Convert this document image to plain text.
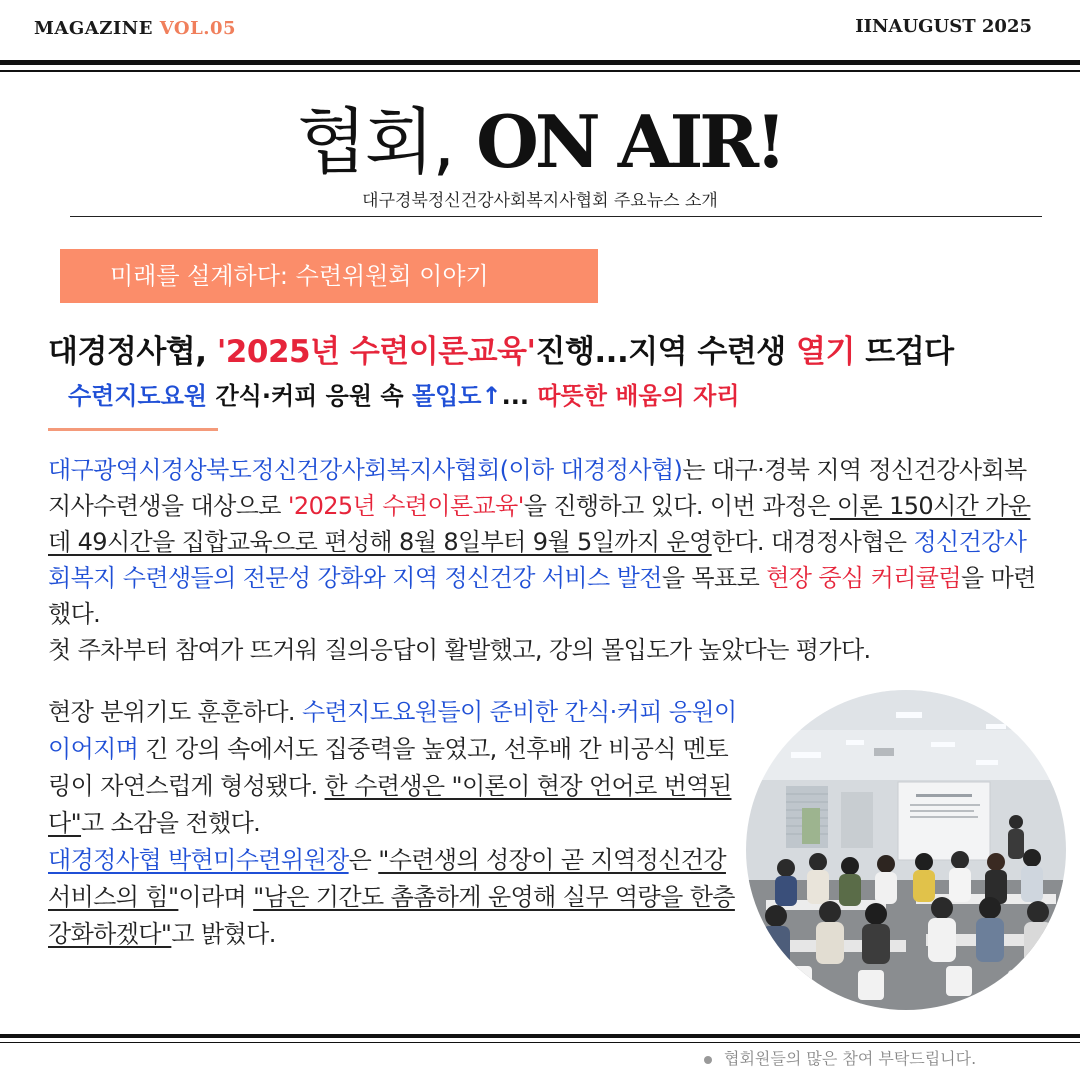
MAGAZINE VOL.05	IINAUGUST 2025
협회, ON AIR!
대구경북정신건강사회복지사협회 주요뉴스 소개
미래를 설계하다: 수련위원회 이야기
대경정사협, '2025년 수련이론교육'진행...지역 수련생 열기 뜨겁다
수련지도요원 간식·커피 응원 속 몰입도↑... 따뜻한 배움의 자리

대구광역시경상북도정신건강사회복지사협회(이하 대경정사협)는 대구·경북 지역 정신건강사회복지사수련생을 대상으로 '2025년 수련이론교육'을 진행하고 있다. 이번 과정은 이론 150시간 가운데 49시간을 집합교육으로 편성해 8월 8일부터 9월 5일까지 운영한다. 대경정사협은 정신건강사회복지 수련생들의 전문성 강화와 지역 정신건강 서비스 발전을 목표로 현장 중심 커리큘럼을 마련했다.

첫 주차부터 참여가 뜨거워 질의응답이 활발했고, 강의 몰입도가 높았다는 평가다.

현장 분위기도 훈훈하다. 수련지도요원들이 준비한 간식·커피 응원이 이어지며 긴 강의 속에서도 집중력을 높였고, 선후배 간 비공식 멘토링이 자연스럽게 형성됐다. 한 수련생은 "이론이 현장 언어로 번역된다"고 소감을 전했다.

대경정사협 박현미수련위원장은 "수련생의 성장이 곧 지역정신건강서비스의 힘"이라며 "남은 기간도 촘촘하게 운영해 실무 역량을 한층 강화하겠다"고 밝혔다.

협회원들의 많은 참여 부탁드립니다.
